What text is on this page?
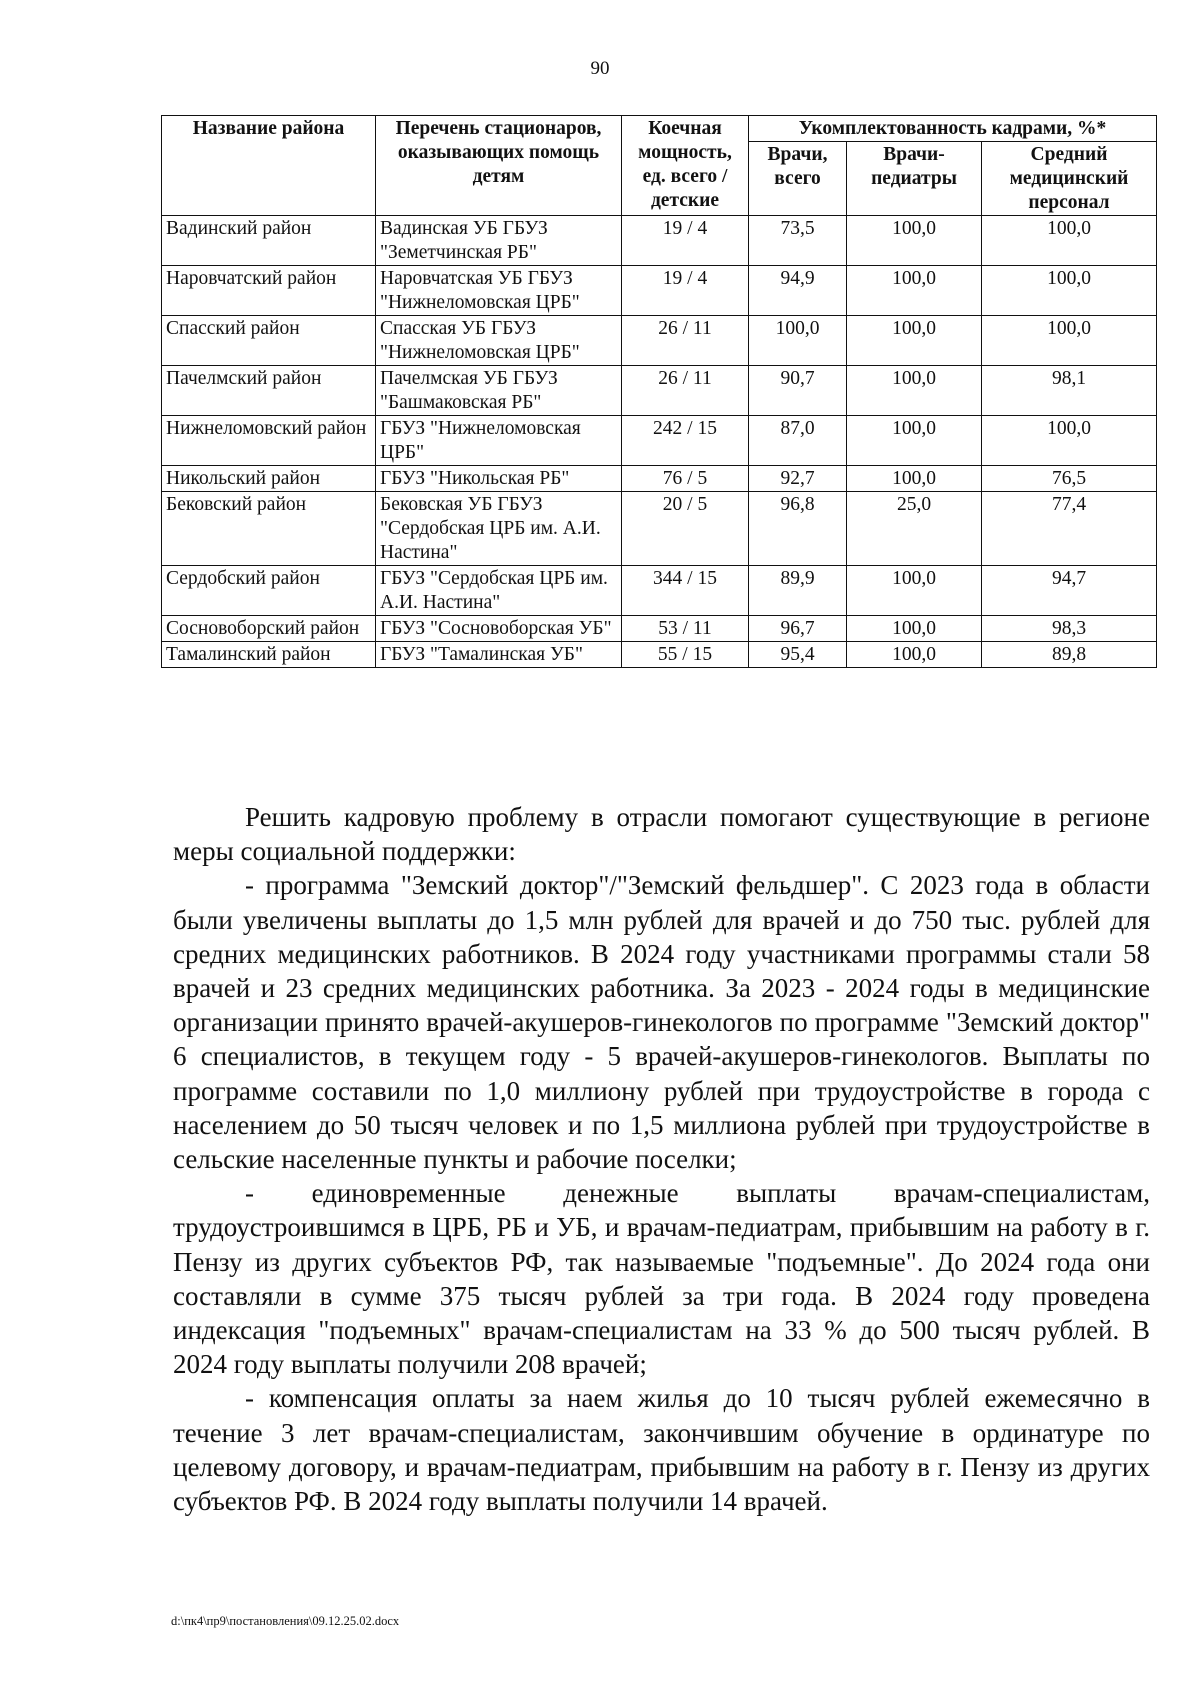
90
Название района	Перечень стационаров, оказывающих помощь детям	Коечная мощность, ед. всего / детские	Укомплектованность кадрами, %*		
			Врачи, всего	Врачи-педиатры	Средний медицинский персонал
Вадинский район	Вадинская УБ ГБУЗ "Земетчинская РБ"	19 / 4	73,5	100,0	100,0
Наровчатский район	Наровчатская УБ ГБУЗ "Нижнеломовская ЦРБ"	19 / 4	94,9	100,0	100,0
Спасский район	Спасская УБ ГБУЗ "Нижнеломовская ЦРБ"	26 / 11	100,0	100,0	100,0
Пачелмский район	Пачелмская УБ ГБУЗ "Башмаковская РБ"	26 / 11	90,7	100,0	98,1
Нижнеломовский район	ГБУЗ "Нижнеломовская ЦРБ"	242 / 15	87,0	100,0	100,0
Никольский район	ГБУЗ "Никольская РБ"	76 / 5	92,7	100,0	76,5
Бековский район	Бековская УБ ГБУЗ "Сердобская ЦРБ им. А.И. Настина"	20 / 5	96,8	25,0	77,4
Сердобский район	ГБУЗ "Сердобская ЦРБ им. А.И. Настина"	344 / 15	89,9	100,0	94,7
Сосновоборский район	ГБУЗ "Сосновоборская УБ"	53 / 11	96,7	100,0	98,3
Тамалинский район	ГБУЗ "Тамалинская УБ"	55 / 15	95,4	100,0	89,8

Решить кадровую проблему в отрасли помогают существующие в регионе меры социальной поддержки:

- программа "Земский доктор"/"Земский фельдшер". С 2023 года в области были увеличены выплаты до 1,5 млн рублей для врачей и до 750 тыс. рублей для средних медицинских работников. В 2024 году участниками программы стали 58 врачей и 23 средних медицинских работника. За 2023 - 2024 годы в медицинские организации принято врачей-акушеров-гинекологов по программе "Земский доктор" 6 специалистов, в текущем году - 5 врачей-акушеров-гинекологов. Выплаты по программе составили по 1,0 миллиону рублей при трудоустройстве в города с населением до 50 тысяч человек и по 1,5 миллиона рублей при трудоустройстве в сельские населенные пункты и рабочие поселки;

- единовременные денежные выплаты врачам-специалистам, трудоустроившимся в ЦРБ, РБ и УБ, и врачам-педиатрам, прибывшим на работу в г. Пензу из других субъектов РФ, так называемые "подъемные". До 2024 года они составляли в сумме 375 тысяч рублей за три года. В 2024 году проведена индексация "подъемных" врачам-специалистам на 33 % до 500 тысяч рублей. В 2024 году выплаты получили 208 врачей;

- компенсация оплаты за наем жилья до 10 тысяч рублей ежемесячно в течение 3 лет врачам-специалистам, закончившим обучение в ординатуре по целевому договору, и врачам-педиатрам, прибывшим на работу в г. Пензу из других субъектов РФ. В 2024 году выплаты получили 14 врачей.

d:\пк4\пр9\постановления\09.12.25.02.docx
